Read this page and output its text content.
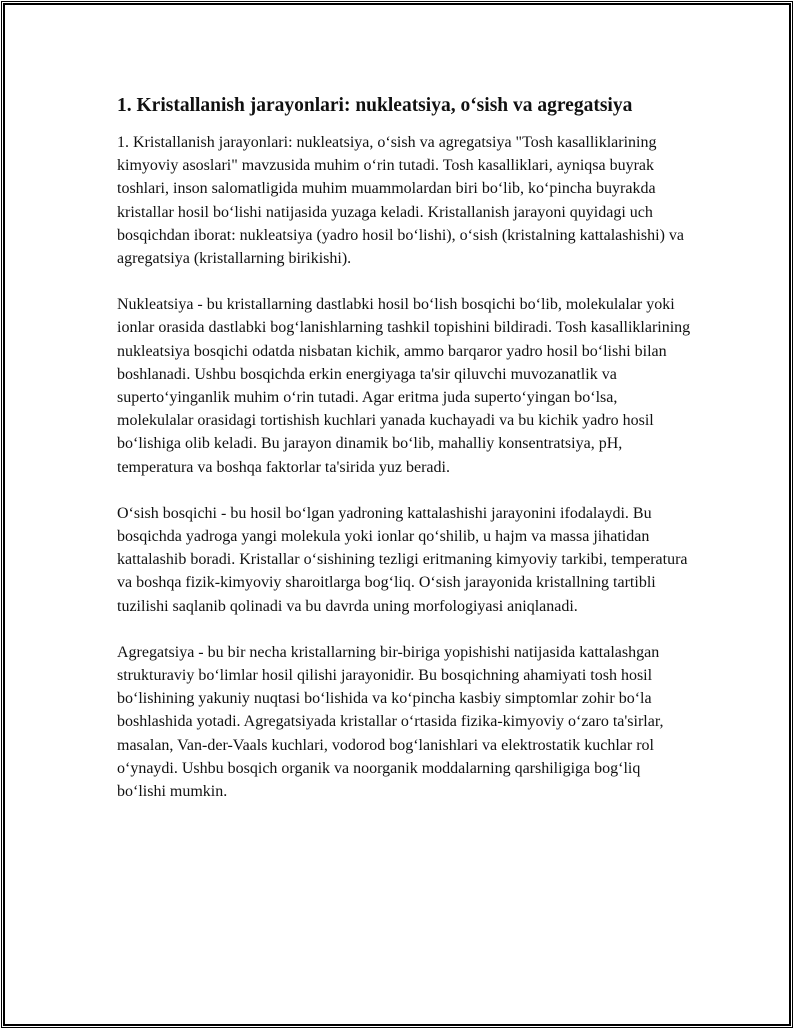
1. Kristallanish jarayonlari: nukleatsiya, oʻsish va agregatsiya

1. Kristallanish jarayonlari: nukleatsiya, oʻsish va agregatsiya "Tosh kasalliklarining kimyoviy asoslari" mavzusida muhim oʻrin tutadi. Tosh kasalliklari, ayniqsa buyrak toshlari, inson salomatligida muhim muammolardan biri boʻlib, koʻpincha buyrakda kristallar hosil boʻlishi natijasida yuzaga keladi. Kristallanish jarayoni quyidagi uch bosqichdan iborat: nukleatsiya (yadro hosil boʻlishi), oʻsish (kristalning kattalashishi) va agregatsiya (kristallarning birikishi).

Nukleatsiya - bu kristallarning dastlabki hosil boʻlish bosqichi boʻlib, molekulalar yoki ionlar orasida dastlabki bogʻlanishlarning tashkil topishini bildiradi. Tosh kasalliklarining nukleatsiya bosqichi odatda nisbatan kichik, ammo barqaror yadro hosil boʻlishi bilan boshlanadi. Ushbu bosqichda erkin energiyaga ta'sir qiluvchi muvozanatlik va supertoʻyinganlik muhim oʻrin tutadi. Agar eritma juda supertoʻyingan boʻlsa, molekulalar orasidagi tortishish kuchlari yanada kuchayadi va bu kichik yadro hosil boʻlishiga olib keladi. Bu jarayon dinamik boʻlib, mahalliy konsentratsiya, pH, temperatura va boshqa faktorlar ta'sirida yuz beradi.

Oʻsish bosqichi - bu hosil boʻlgan yadroning kattalashishi jarayonini ifodalaydi. Bu bosqichda yadroga yangi molekula yoki ionlar qoʻshilib, u hajm va massa jihatidan kattalashib boradi. Kristallar oʻsishining tezligi eritmaning kimyoviy tarkibi, temperatura va boshqa fizik-kimyoviy sharoitlarga bogʻliq. Oʻsish jarayonida kristallning tartibli tuzilishi saqlanib qolinadi va bu davrda uning morfologiyasi aniqlanadi.

Agregatsiya - bu bir necha kristallarning bir-biriga yopishishi natijasida kattalashgan strukturaviy boʻlimlar hosil qilishi jarayonidir. Bu bosqichning ahamiyati tosh hosil boʻlishining yakuniy nuqtasi boʻlishida va koʻpincha kasbiy simptomlar zohir boʻla boshlashida yotadi. Agregatsiyada kristallar oʻrtasida fizika-kimyoviy oʻzaro ta'sirlar, masalan, Van-der-Vaals kuchlari, vodorod bogʻlanishlari va elektrostatik kuchlar rol oʻynaydi. Ushbu bosqich organik va noorganik moddalarning qarshiligiga bogʻliq boʻlishi mumkin.
